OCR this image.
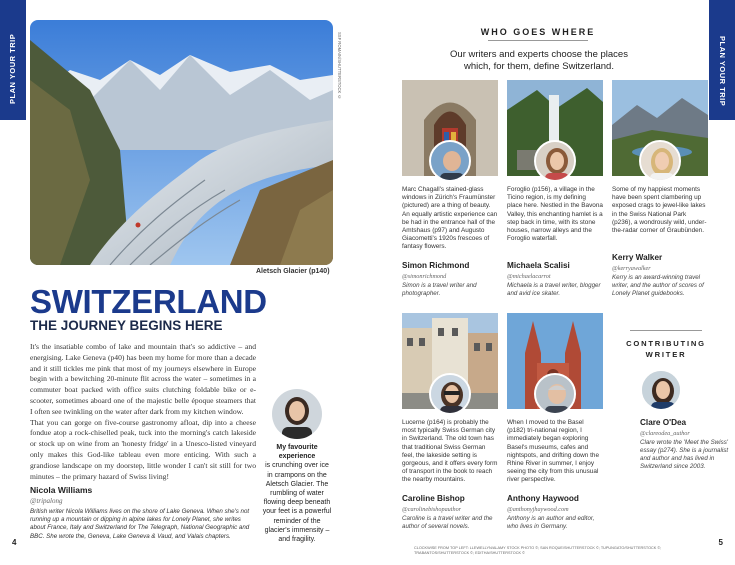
PLAN YOUR TRIP	SSF ROMAIN/SHUTTERSTOCK ©
Aletsch Glacier (p140)
SWITZERLAND
THE JOURNEY BEGINS HERE

It's the insatiable combo of lake and mountain that's so addictive – and energising. Lake Geneva (p40) has been my home for more than a decade and it still tickles me pink that most of my journeys elsewhere in Europe begin with a bewitching 20-minute flit across the water – sometimes in a commuter boat packed with office suits clutching foldable bike or e-scooter, sometimes aboard one of the majestic belle époque steamers that I often see twinkling on the water after dark from my kitchen window.

That you can gorge on five-course gastronomy afloat, dip into a cheese fondue atop a rock-chiselled peak, tuck into the morning's catch lakeside or stock up on wine from an 'honesty fridge' in a Unesco-listed vineyard only makes this God-like tableau even more enticing. With such a grandiose landscape on my doorstep, little wonder I can't sit still for two minutes – the primary hazard of Swiss living!

Nicola Williams
@tripalong
British writer Nicola Williams lives on the shore of Lake Geneva. When she's not running up a mountain or dipping in alpine lakes for Lonely Planet, she writes about France, Italy and Switzerland for The Telegraph, National Geographic and BBC. She wrote the, Geneva, Lake Geneva & Vaud, and Valais chapters.
My favourite experience
is crunching over ice in crampons on the Aletsch Glacier. The rumbling of water flowing deep beneath your feet is a powerful reminder of the glacier's immensity – and fragility.
4
PLAN YOUR TRIP
WHO GOES WHERE
Our writers and experts choose the places which, for them, define Switzerland.
Marc Chagall's stained-glass windows in Zürich's Fraumünster (pictured) are a thing of beauty. An equally artistic experience can be had in the entrance hall of the Amtshaus (p97) and Augusto Giacometti's 1920s frescoes of fantasy flowers.
Simon Richmond
@simonrichmond
Simon is a travel writer and photographer.
Foroglio (p156), a village in the Ticino region, is my defining place here. Nestled in the Bavona Valley, this enchanting hamlet is a step back in time, with its stone houses, narrow alleys and the Foroglio waterfall.
Michaela Scalisi
@michaelacarrot
Michaela is a travel writer, blogger and avid ice skater.
Some of my happiest moments have been spent clambering up exposed crags to jewel-like lakes in the Swiss National Park (p236), a wondrously wild, under-the-radar corner of Graubünden.
Kerry Walker
@kerryawalker
Kerry is an award-winning travel writer, and the author of scores of Lonely Planet guidebooks.
Lucerne (p164) is probably the most typically Swiss German city in Switzerland. The old town has that traditional Swiss German feel, the lakeside setting is gorgeous, and it offers every form of transport in the book to reach the nearby mountains.
Caroline Bishop
@carolinebishopauthor
Caroline is a travel writer and the author of several novels.
When I moved to the Basel (p182) tri-national region, I immediately began exploring Basel's museums, cafes and nightspots, and drifting down the Rhine River in summer, I enjoy seeing the city from this unusual river perspective.
Anthony Haywood
@anthonyjhaywood.com
Anthony is an author and editor, who lives in Germany.
CONTRIBUTING WRITER
Clare O'Dea
@clareodea_author
Clare wrote the 'Meet the Swiss' essay (p274). She is a journalist and author and has lived in Switzerland since 2003.
CLOCKWISE FROM TOP LEFT: LLEWELLYN/ALAMY STOCK PHOTO ©; SAN ROQUE/SHUTTERSTOCK ©; TUPUNGATO/SHUTTERSTOCK ©; TRABANTOS/SHUTTERSTOCK ©; EDITHA/SHUTTERSTOCK ©
5
